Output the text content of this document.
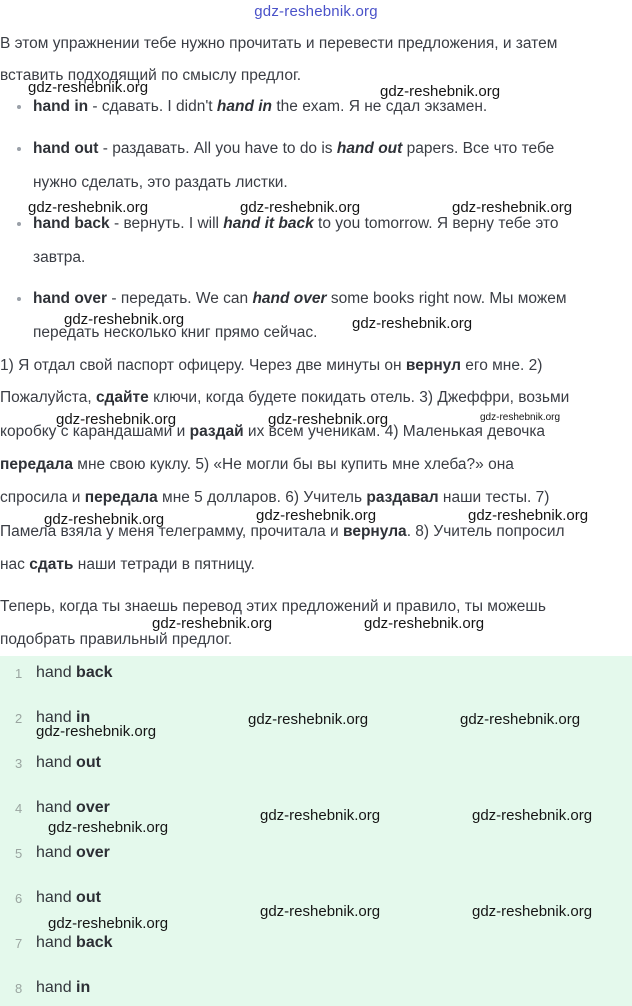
gdz-reshebnik.org

В этом упражнении тебе нужно прочитать и перевести предложения, и затем

вставить подходящий по смыслу предлог.

hand in - сдавать. I didn't hand in the exam. Я не сдал экзамен.
hand out - раздавать. All you have to do is hand out papers. Все что тебе
нужно сделать, это раздать листки.
hand back - вернуть. I will hand it back to you tomorrow. Я верну тебе это
завтра.
hand over - передать. We can hand over some books right now. Мы можем
передать несколько книг прямо сейчас.

1) Я отдал свой паспорт офицеру. Через две минуты он вернул его мне. 2)

Пожалуйста, сдайте ключи, когда будете покидать отель. 3) Джеффри, возьми

коробку с карандашами и раздай их всем ученикам. 4) Маленькая девочка

передала мне свою куклу. 5) «Не могли бы вы купить мне хлеба?» она

спросила и передала мне 5 долларов. 6) Учитель раздавал наши тесты. 7)

Памела взяла у меня телеграмму, прочитала и вернула. 8) Учитель попросил

нас сдать наши тетради в пятницу.

Теперь, когда ты знаешь перевод этих предложений и правило, ты можешь

подобрать правильный предлог.

1 hand back
2 hand in
3 hand out
4 hand over
5 hand over
6 hand out
7 hand back
8 hand in
gdz-reshebnik.org	gdz-reshebnik.org
gdz-reshebnik.org	gdz-reshebnik.org	gdz-reshebnik.org
gdz-reshebnik.org	gdz-reshebnik.org
gdz-reshebnik.org	gdz-reshebnik.org	gdz-reshebnik.org
gdz-reshebnik.org	gdz-reshebnik.org	gdz-reshebnik.org
gdz-reshebnik.org	gdz-reshebnik.org
gdz-reshebnik.org	gdz-reshebnik.org
gdz-reshebnik.org
gdz-reshebnik.org	gdz-reshebnik.org
gdz-reshebnik.org
gdz-reshebnik.org	gdz-reshebnik.org
gdz-reshebnik.org
